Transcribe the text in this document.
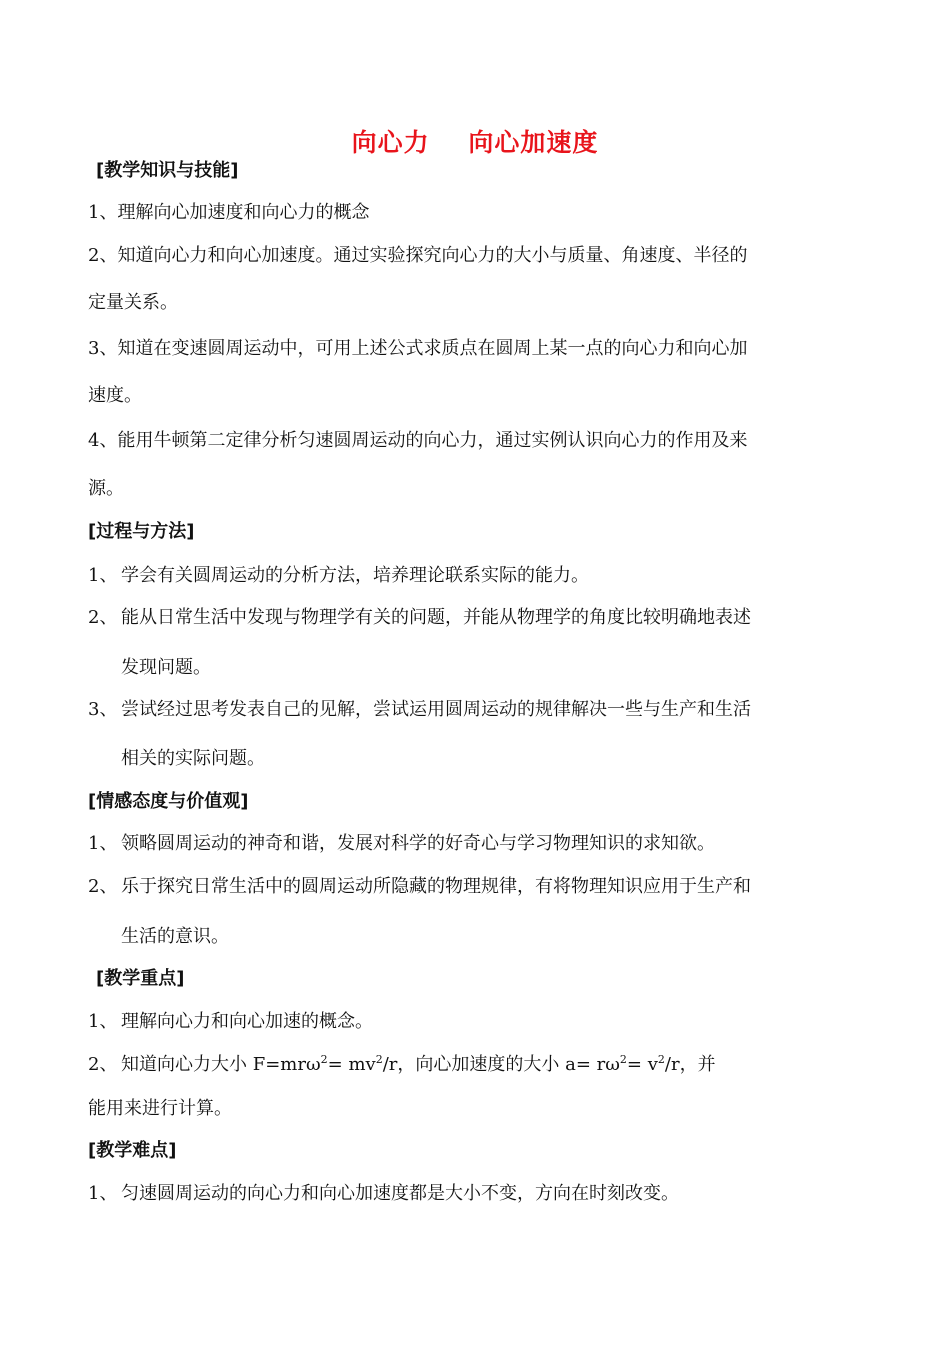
向心力    向心加速度
[教学知识与技能]
1、理解向心加速度和向心力的概念
2、知道向心力和向心加速度。通过实验探究向心力的大小与质量、角速度、半径的
定量关系。
3、知道在变速圆周运动中，可用上述公式求质点在圆周上某一点的向心力和向心加
速度。
4、能用牛顿第二定律分析匀速圆周运动的向心力，通过实例认识向心力的作用及来
源。
[过程与方法]
1、 学会有关圆周运动的分析方法，培养理论联系实际的能力。
2、 能从日常生活中发现与物理学有关的问题，并能从物理学的角度比较明确地表述
发现问题。
3、 尝试经过思考发表自己的见解，尝试运用圆周运动的规律解决一些与生产和生活
相关的实际问题。
[情感态度与价值观]
1、 领略圆周运动的神奇和谐，发展对科学的好奇心与学习物理知识的求知欲。
2、 乐于探究日常生活中的圆周运动所隐藏的物理规律，有将物理知识应用于生产和
生活的意识。
[教学重点]
1、 理解向心力和向心加速的概念。
2、 知道向心力大小 $F=mr\omega^2= mv^2/r$，向心加速度的大小 $a= r\omega^2= v^2/r$，并
能用来进行计算。
[教学难点]
1、 匀速圆周运动的向心力和向心加速度都是大小不变，方向在时刻改变。
